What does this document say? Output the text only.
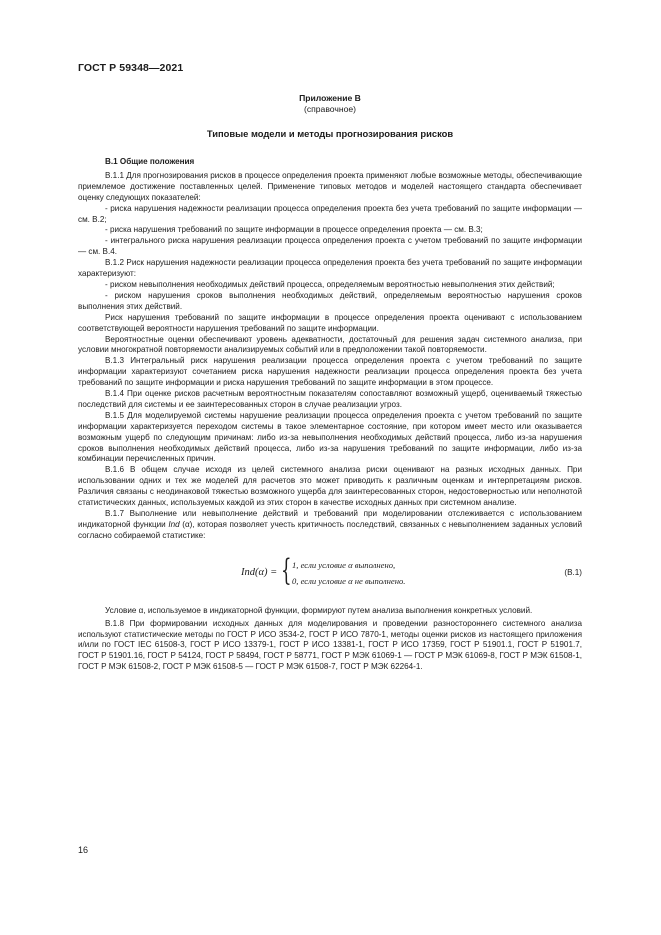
ГОСТ Р 59348—2021
Приложение В
(справочное)
Типовые модели и методы прогнозирования рисков

В.1 Общие положения

В.1.1 Для прогнозирования рисков в процессе определения проекта применяют любые возможные методы, обеспечивающие приемлемое достижение поставленных целей. Применение типовых методов и моделей настоящего стандарта обеспечивает оценку следующих показателей:

- риска нарушения надежности реализации процесса определения проекта без учета требований по защите информации — см. В.2;

- риска нарушения требований по защите информации в процессе определения проекта — см. В.3;

- интегрального риска нарушения реализации процесса определения проекта с учетом требований по защите информации — см. В.4.

В.1.2 Риск нарушения надежности реализации процесса определения проекта без учета требований по защите информации характеризуют:

- риском невыполнения необходимых действий процесса, определяемым вероятностью невыполнения этих действий;

- риском нарушения сроков выполнения необходимых действий, определяемым вероятностью нарушения сроков выполнения этих действий.

Риск нарушения требований по защите информации в процессе определения проекта оценивают с использованием соответствующей вероятности нарушения требований по защите информации.

Вероятностные оценки обеспечивают уровень адекватности, достаточный для решения задач системного анализа, при условии многократной повторяемости анализируемых событий или в предположении такой повторяемости.

В.1.3 Интегральный риск нарушения реализации процесса определения проекта с учетом требований по защите информации характеризуют сочетанием риска нарушения надежности реализации процесса определения проекта без учета требований по защите информации и риска нарушения требований по защите информации в этом процессе.

В.1.4 При оценке рисков расчетным вероятностным показателям сопоставляют возможный ущерб, оцениваемый тяжестью последствий для системы и ее заинтересованных сторон в случае реализации угроз.

В.1.5 Для моделируемой системы нарушение реализации процесса определения проекта с учетом требований по защите информации характеризуется переходом системы в такое элементарное состояние, при котором имеет место или оказывается возможным ущерб по следующим причинам: либо из-за невыполнения необходимых действий процесса, либо из-за нарушения сроков выполнения необходимых действий процесса, либо из-за нарушения требований по защите информации, либо из-за комбинации перечисленных причин.

В.1.6 В общем случае исходя из целей системного анализа риски оценивают на разных исходных данных. При использовании одних и тех же моделей для расчетов это может приводить к различным оценкам и интерпретациям рисков. Различия связаны с неодинаковой тяжестью возможного ущерба для заинтересованных сторон, недостоверностью или неполнотой статистических данных, используемых каждой из этих сторон в качестве исходных данных при системном анализе.

В.1.7 Выполнение или невыполнение действий и требований при моделировании отслеживается с использованием индикаторной функции Ind (α), которая позволяет учесть критичность последствий, связанных с невыполнением заданных условий согласно собираемой статистике:

Ind(α) = { 1, если условие α выполнено,
0, если условие α не выполнено.
(В.1)

Условие α, используемое в индикаторной функции, формируют путем анализа выполнения конкретных условий.

В.1.8 При формировании исходных данных для моделирования и проведении разностороннего системного анализа используют статистические методы по ГОСТ Р ИСО 3534-2, ГОСТ Р ИСО 7870-1, методы оценки рисков из настоящего приложения и/или по ГОСТ IEC 61508-3, ГОСТ Р ИСО 13379-1, ГОСТ Р ИСО 13381-1, ГОСТ Р ИСО 17359, ГОСТ Р 51901.1, ГОСТ Р 51901.7, ГОСТ Р 51901.16, ГОСТ Р 54124, ГОСТ Р 58494, ГОСТ Р 58771, ГОСТ Р МЭК 61069-1 — ГОСТ Р МЭК 61069-8, ГОСТ Р МЭК 61508-1, ГОСТ Р МЭК 61508-2, ГОСТ Р МЭК 61508-5 — ГОСТ Р МЭК 61508-7, ГОСТ Р МЭК 62264-1.

16
